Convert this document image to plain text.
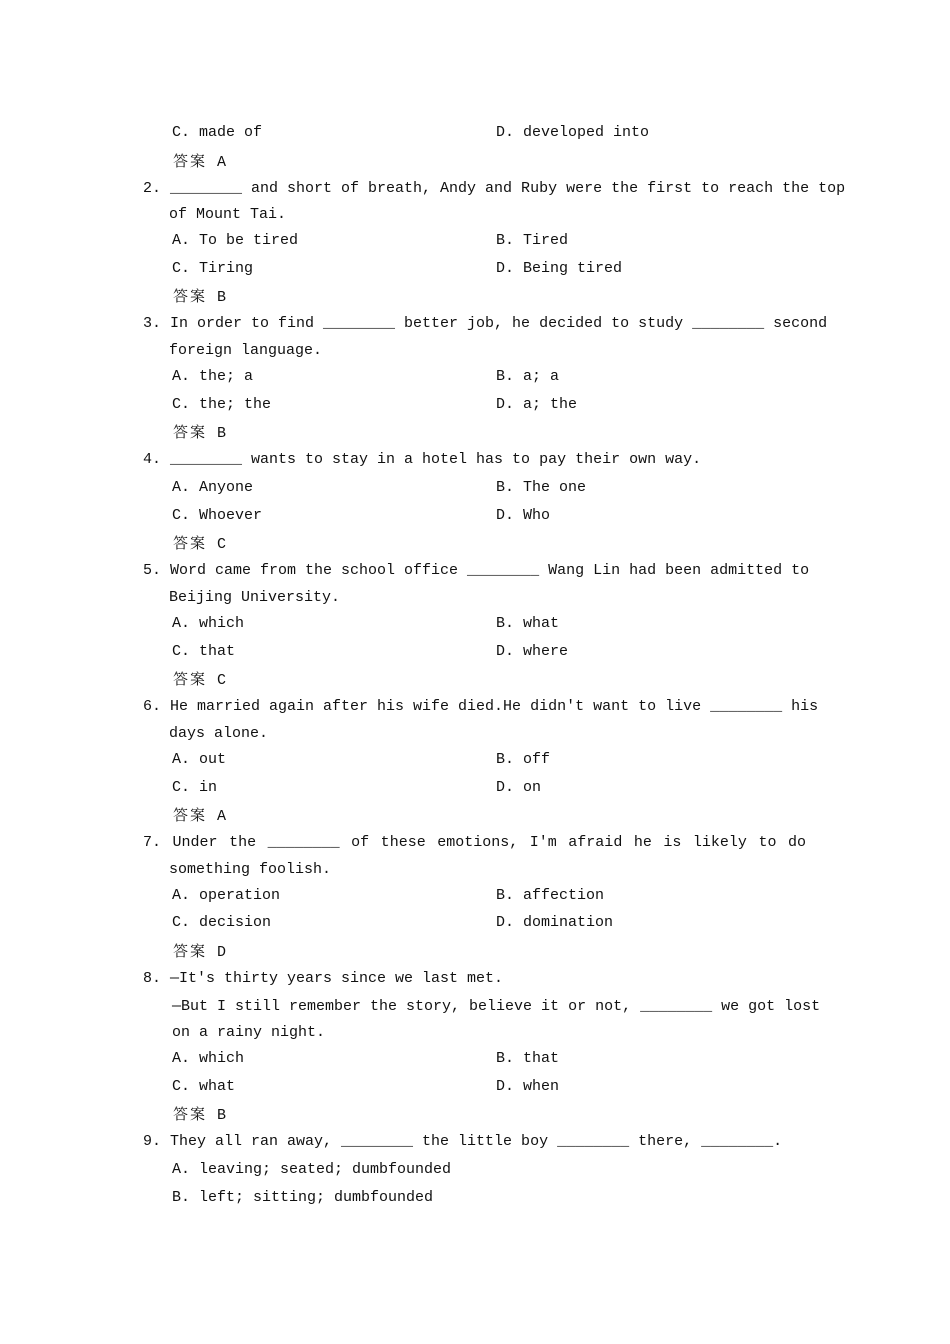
C. made of	D. developed into
答案 A
2. ________ and short of breath, Andy and Ruby were the first to reach the top
of Mount Tai.
A. To be tired	B. Tired
C. Tiring	D. Being tired
答案 B
3. In order to find ________ better job, he decided to study ________ second
foreign language.
A. the; a	B. a; a
C. the; the	D. a; the
答案 B
4. ________ wants to stay in a hotel has to pay their own way.
A. Anyone	B. The one
C. Whoever	D. Who
答案 C
5. Word came from the school office ________ Wang Lin had been admitted to
Beijing University.
A. which	B. what
C. that	D. where
答案 C
6. He married again after his wife died.He didn't want to live ________ his
days alone.
A. out	B. off
C. in	D. on
答案 A
7. Under the ________ of these emotions, I'm afraid he is likely to do
something foolish.
A. operation	B. affection
C. decision	D. domination
答案 D
8. —It's thirty years since we last met.
—But I still remember the story, believe it or not, ________ we got lost
on a rainy night.
A. which	B. that
C. what	D. when
答案 B
9. They all ran away, ________ the little boy ________ there, ________.
A. leaving; seated; dumbfounded
B. left; sitting; dumbfounded
